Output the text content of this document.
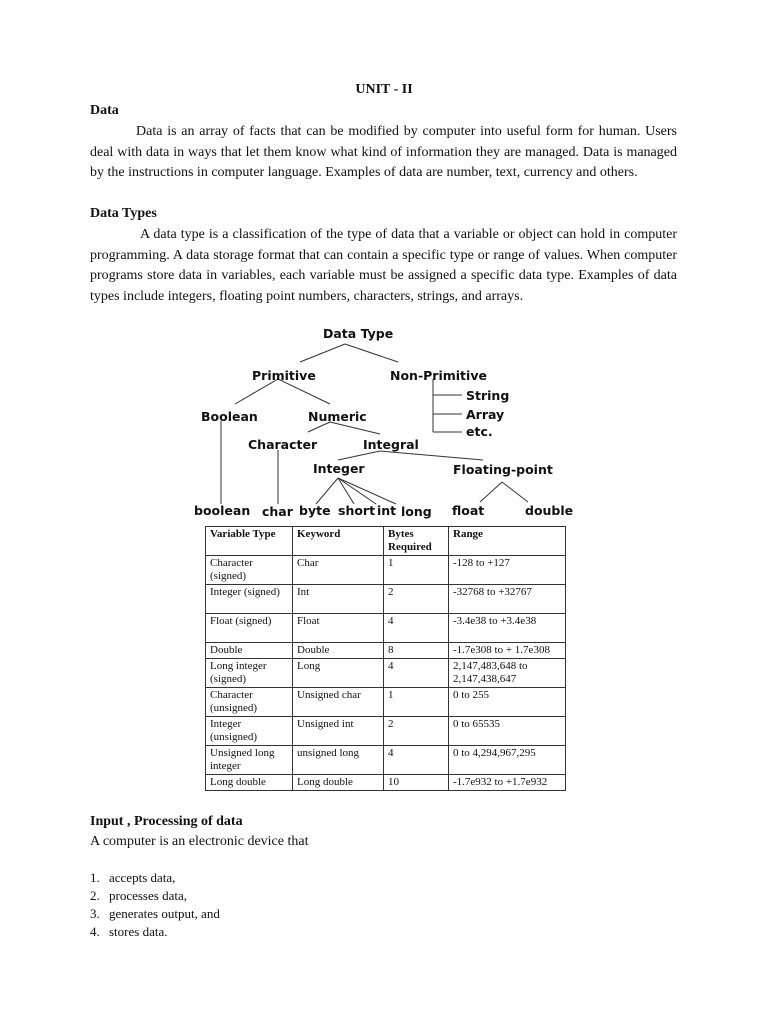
UNIT - II
Data

Data is an array of facts that can be modified by computer into useful form for human. Users deal with data in ways that let them know what kind of information they are managed. Data is managed by the instructions in computer language. Examples of data are number, text, currency and others.

Data Types

A data type is a classification of the type of data that a variable or object can hold in computer programming. A data storage format that can contain a specific type or range of values. When computer programs store data in variables, each variable must be assigned a specific data type. Examples of data types include integers, floating point numbers, characters, strings, and arrays.

Data Type
Primitive	Non-Primitive
String
Array
etc.
Boolean	Numeric
Character	Integral
Integer	Floating-point
boolean char byte short int long float	double
Variable Type	Keyword	Bytes Required	Range
Character (signed)	Char	1	-128 to +127
Integer (signed)	Int	2	-32768 to +32767
Float (signed)	Float	4	-3.4e38 to +3.4e38
Double	Double	8	-1.7e308 to + 1.7e308
Long integer (signed)	Long	4	2,147,483,648 to 2,147,438,647
Character (unsigned)	Unsigned char	1	0 to 255
Integer (unsigned)	Unsigned int	2	0 to 65535
Unsigned long integer	unsigned long	4	0 to 4,294,967,295
Long double	Long double	10	-1.7e932 to +1.7e932
Input , Processing of data
A computer is an electronic device that
1. accepts data,
2. processes data,
3. generates output, and
4. stores data.
